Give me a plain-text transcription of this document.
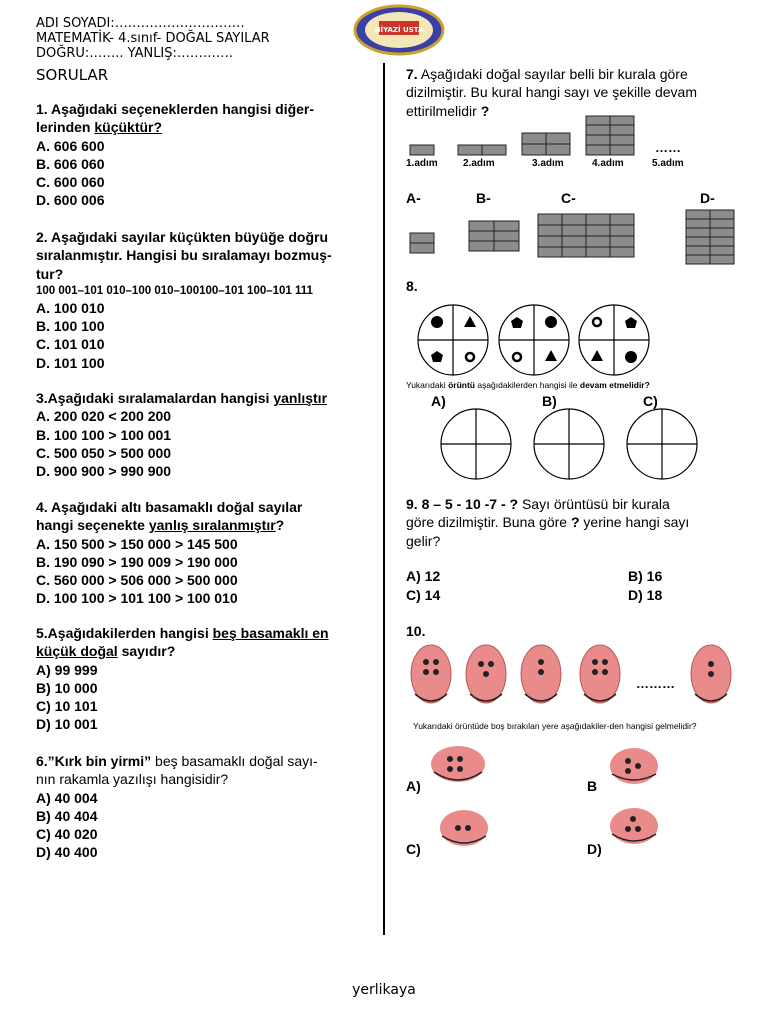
ADI SOYADI:…………………………
MATEMATİK- 4.sınıf- DOĞAL SAYILAR
DOĞRU:…….. YANLIŞ:………….
NİYAZİ USTA
SORULAR
1. Aşağıdaki seçeneklerden hangisi diğer-
lerinden küçüktür?
A. 606 600
B. 606 060
C. 600 060
D. 600 006
2. Aşağıdaki sayılar küçükten büyüğe doğru
sıralanmıştır. Hangisi bu sıralamayı bozmuş-
tur?
100 001–101 010–100 010–100100–101 100–101 111
A. 100 010
B. 100 100
C. 101 010
D. 101 100
3.Aşağıdaki sıralamalardan hangisi yanlıştır
A. 200 020 < 200 200
B. 100 100 > 100 001
C. 500 050 > 500 000
D. 900 900 > 990 900
4. Aşağıdaki altı basamaklı doğal sayılar
hangi seçenekte yanlış sıralanmıştır?
A. 150 500 > 150 000 > 145 500
B. 190 090 > 190 009 > 190 000
C. 560 000 > 506 000 > 500 000
D. 100 100 > 101 100 > 100 010
5.Aşağıdakilerden hangisi beş basamaklı en
küçük doğal sayıdır?
A) 99 999
B) 10 000
C) 10 101
D) 10 001
6.”Kırk bin yirmi” beş basamaklı doğal sayı-
nın rakamla yazılışı hangisidir?
A) 40 004
B) 40 404
C) 40 020
D) 40 400
7. Aşağıdaki doğal sayılar belli bir kurala göre
dizilmiştir. Bu kural hangi sayı ve şekille devam
ettirilmelidir ?
……
1.adım	2.adım	3.adım	4.adım	5.adım
A-	B-	C-	D-
8.
Yukarıdaki örüntü aşağıdakilerden hangisi ile devam etmelidir?
A)	B)	C)
9. 8 – 5 - 10 -7 - ? Sayı örüntüsü bir kurala
göre dizilmiştir. Buna göre ? yerine hangi sayı
gelir?
A) 12	B) 16
C) 14	D) 18
10.
………
Yukarıdaki örüntüde boş bırakılan yere aşağıdakiler-den hangisi gelmelidir?
A)	B
C)	D)
yerlikaya
